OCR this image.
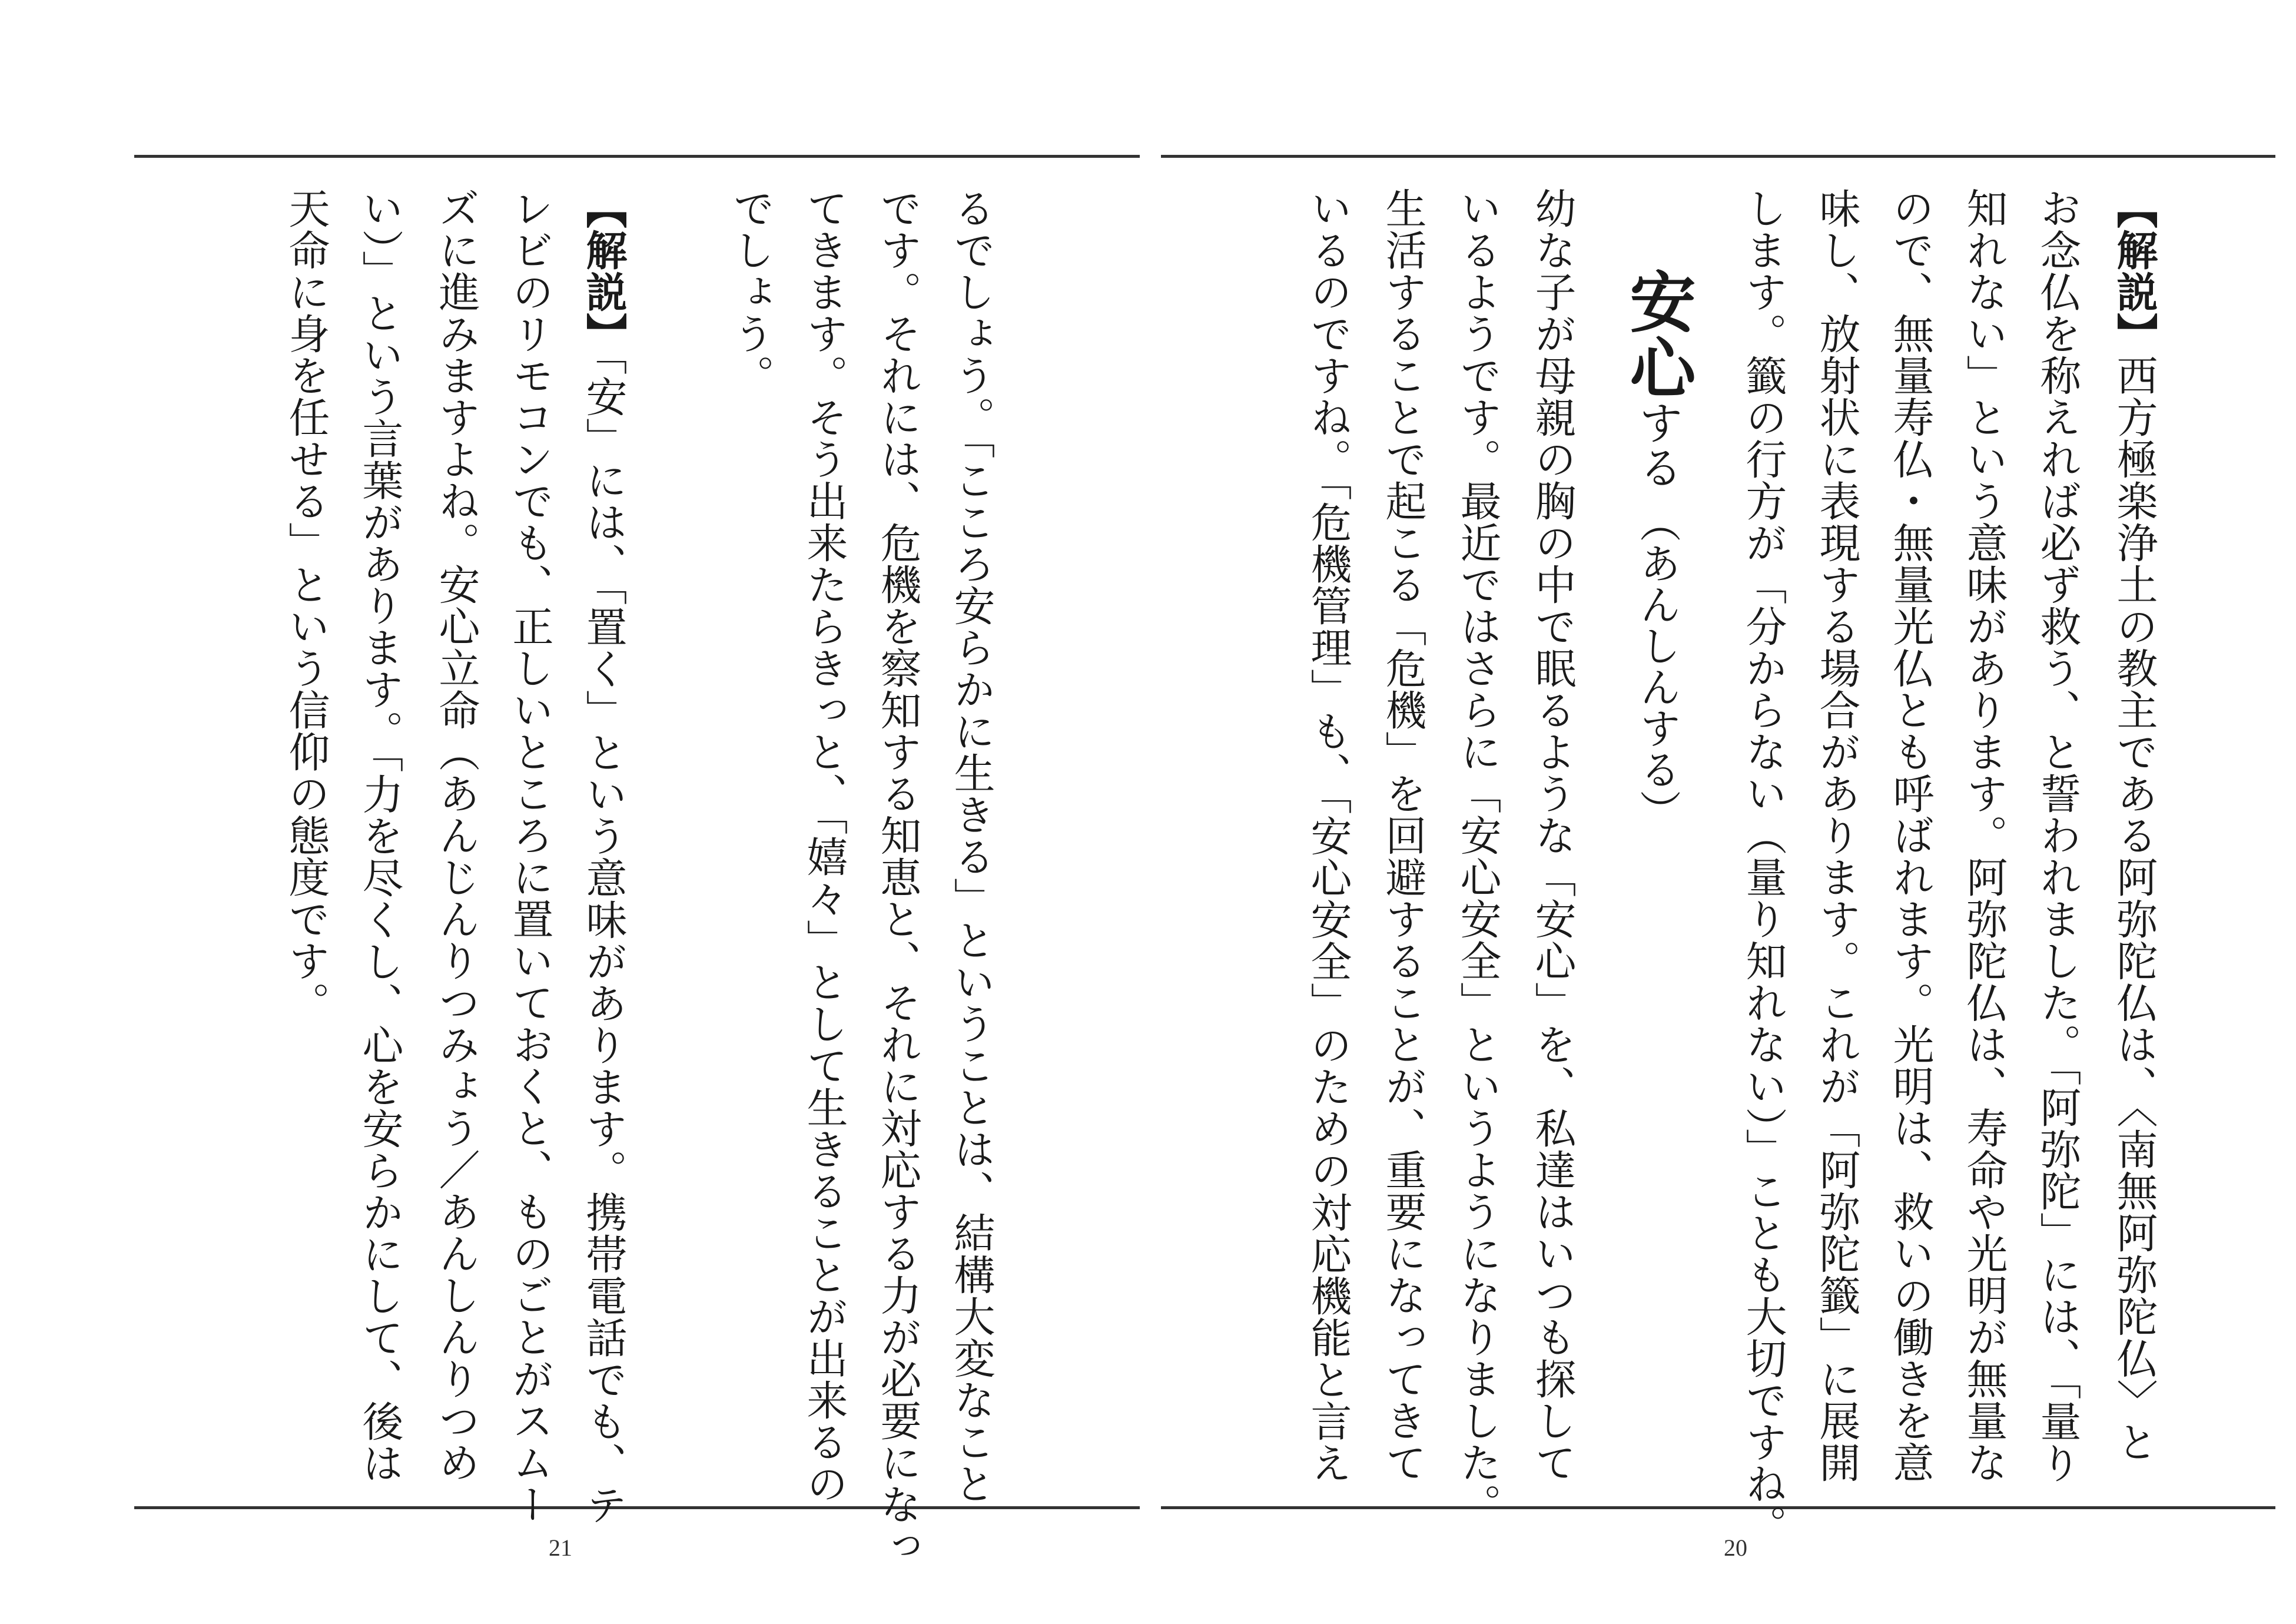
るでしょう。「こころ安らかに生きる」ということは、結構大変なこと
です。それには、危機を察知する知恵と、それに対応する力が必要になっ
てきます。そう出来たらきっと、「嬉々」として生きることが出来るの
でしょう。
【解説】「安」には、「置く」という意味があります。携帯電話でも、テ
レビのリモコンでも、正しいところに置いておくと、ものごとがスムー
ズに進みますよね。安心立命（あんじんりつみょう／あんしんりつめ
い）」という言葉があります。「力を尽くし、心を安らかにして、後は
天命に身を任せる」という信仰の態度です。
21
【解説】西方極楽浄土の教主である阿弥陀仏は、〈南無阿弥陀仏〉と
お念仏を称えれば必ず救う、と誓われました。「阿弥陀」には、「量り
知れない」という意味があります。阿弥陀仏は、寿命や光明が無量な
ので、無量寿仏・無量光仏とも呼ばれます。光明は、救いの働きを意
味し、放射状に表現する場合があります。これが「阿弥陀籤」に展開
します。籤の行方が「分からない（量り知れない）」ことも大切ですね。
安心する（あんしんする）
幼な子が母親の胸の中で眠るような「安心」を、私達はいつも探して
いるようです。最近ではさらに「安心安全」というようになりました。
生活することで起こる「危機」を回避することが、重要になってきて
いるのですね。「危機管理」も、「安心安全」のための対応機能と言え
20
